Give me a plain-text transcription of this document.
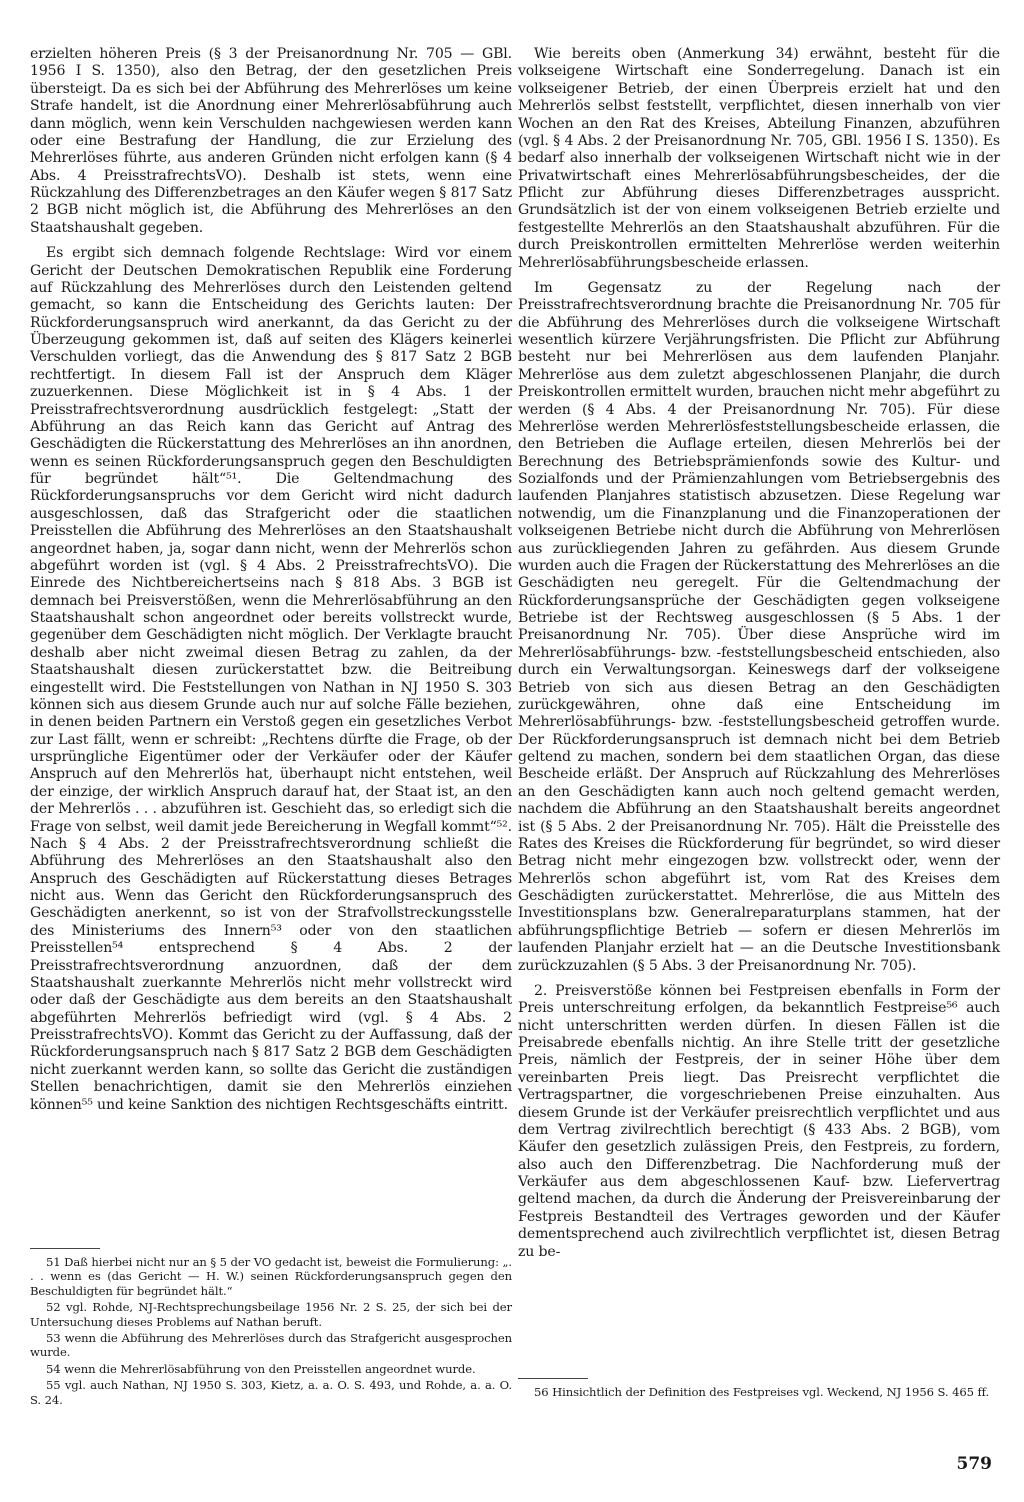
erzielten höheren Preis (§ 3 der Preisanordnung Nr. 705 — GBl. 1956 I S. 1350), also den Betrag, der den gesetzlichen Preis übersteigt. Da es sich bei der Abführung des Mehrerlöses um keine Strafe handelt, ist die Anordnung einer Mehrerlösabführung auch dann möglich, wenn kein Verschulden nachgewiesen werden kann oder eine Bestrafung der Handlung, die zur Erzielung des Mehrerlöses führte, aus anderen Gründen nicht erfolgen kann (§ 4 Abs. 4 PreisstrafrechtsVO). Deshalb ist stets, wenn eine Rückzahlung des Differenzbetrages an den Käufer wegen § 817 Satz 2 BGB nicht möglich ist, die Abführung des Mehrerlöses an den Staatshaushalt gegeben.

Es ergibt sich demnach folgende Rechtslage: Wird vor einem Gericht der Deutschen Demokratischen Republik eine Forderung auf Rückzahlung des Mehrerlöses durch den Leistenden geltend gemacht, so kann die Entscheidung des Gerichts lauten: Der Rückforderungsanspruch wird anerkannt, da das Gericht zu der Überzeugung gekommen ist, daß auf seiten des Klägers keinerlei Verschulden vorliegt, das die Anwendung des § 817 Satz 2 BGB rechtfertigt. In diesem Fall ist der Anspruch dem Kläger zuzuerkennen. Diese Möglichkeit ist in § 4 Abs. 1 der Preisstrafrechtsverordnung ausdrücklich festgelegt: „Statt der Abführung an das Reich kann das Gericht auf Antrag des Geschädigten die Rückerstattung des Mehrerlöses an ihn anordnen, wenn es seinen Rückforderungsanspruch gegen den Beschuldigten für begründet hält“⁵¹. Die Geltendmachung des Rückforderungsanspruchs vor dem Gericht wird nicht dadurch ausgeschlossen, daß das Strafgericht oder die staatlichen Preisstellen die Abführung des Mehrerlöses an den Staatshaushalt angeordnet haben, ja, sogar dann nicht, wenn der Mehrerlös schon abgeführt worden ist (vgl. § 4 Abs. 2 PreisstrafrechtsVO). Die Einrede des Nichtbereichertseins nach § 818 Abs. 3 BGB ist demnach bei Preisverstößen, wenn die Mehrerlösabführung an den Staatshaushalt schon angeordnet oder bereits vollstreckt wurde, gegenüber dem Geschädigten nicht möglich. Der Verklagte braucht deshalb aber nicht zweimal diesen Betrag zu zahlen, da der Staatshaushalt diesen zurückerstattet bzw. die Beitreibung eingestellt wird. Die Feststellungen von Nathan in NJ 1950 S. 303 können sich aus diesem Grunde auch nur auf solche Fälle beziehen, in denen beiden Partnern ein Verstoß gegen ein gesetzliches Verbot zur Last fällt, wenn er schreibt: „Rechtens dürfte die Frage, ob der ursprüngliche Eigentümer oder der Verkäufer oder der Käufer Anspruch auf den Mehrerlös hat, überhaupt nicht entstehen, weil der einzige, der wirklich Anspruch darauf hat, der Staat ist, an den der Mehrerlös . . . abzuführen ist. Geschieht das, so erledigt sich die Frage von selbst, weil damit jede Bereicherung in Wegfall kommt“⁵². Nach § 4 Abs. 2 der Preisstrafrechtsverordnung schließt die Abführung des Mehrerlöses an den Staatshaushalt also den Anspruch des Geschädigten auf Rückerstattung dieses Betrages nicht aus. Wenn das Gericht den Rückforderungsanspruch des Geschädigten anerkennt, so ist von der Strafvollstreckungsstelle des Ministeriums des Innern⁵³ oder von den staatlichen Preisstellen⁵⁴ entsprechend § 4 Abs. 2 der Preisstrafrechtsverordnung anzuordnen, daß der dem Staatshaushalt zuerkannte Mehrerlös nicht mehr vollstreckt wird oder daß der Geschädigte aus dem bereits an den Staatshaushalt abgeführten Mehrerlös befriedigt wird (vgl. § 4 Abs. 2 PreisstrafrechtsVO). Kommt das Gericht zu der Auffassung, daß der Rückforderungsanspruch nach § 817 Satz 2 BGB dem Geschädigten nicht zuerkannt werden kann, so sollte das Gericht die zuständigen Stellen benachrichtigen, damit sie den Mehrerlös einziehen können⁵⁵ und keine Sanktion des nichtigen Rechtsgeschäfts eintritt.

51 Daß hierbei nicht nur an § 5 der VO gedacht ist, beweist die Formulierung: „. . . wenn es (das Gericht — H. W.) seinen Rückforderungsanspruch gegen den Beschuldigten für begründet hält.“

52 vgl. Rohde, NJ-Rechtsprechungsbeilage 1956 Nr. 2 S. 25, der sich bei der Untersuchung dieses Problems auf Nathan beruft.

53 wenn die Abführung des Mehrerlöses durch das Strafgericht ausgesprochen wurde.

54 wenn die Mehrerlösabführung von den Preisstellen angeordnet wurde.

55 vgl. auch Nathan, NJ 1950 S. 303, Kietz, a. a. O. S. 493, und Rohde, a. a. O. S. 24.

Wie bereits oben (Anmerkung 34) erwähnt, besteht für die volkseigene Wirtschaft eine Sonderregelung. Danach ist ein volkseigener Betrieb, der einen Überpreis erzielt hat und den Mehrerlös selbst feststellt, verpflichtet, diesen innerhalb von vier Wochen an den Rat des Kreises, Abteilung Finanzen, abzuführen (vgl. § 4 Abs. 2 der Preisanordnung Nr. 705, GBl. 1956 I S. 1350). Es bedarf also innerhalb der volkseigenen Wirtschaft nicht wie in der Privatwirtschaft eines Mehrerlösabführungsbescheides, der die Pflicht zur Abführung dieses Differenzbetrages ausspricht. Grundsätzlich ist der von einem volkseigenen Betrieb erzielte und festgestellte Mehrerlös an den Staatshaushalt abzuführen. Für die durch Preiskontrollen ermittelten Mehrerlöse werden weiterhin Mehrerlösabführungsbescheide erlassen.

Im Gegensatz zu der Regelung nach der Preisstrafrechtsverordnung brachte die Preisanordnung Nr. 705 für die Abführung des Mehrerlöses durch die volkseigene Wirtschaft wesentlich kürzere Verjährungsfristen. Die Pflicht zur Abführung besteht nur bei Mehrerlösen aus dem laufenden Planjahr. Mehrerlöse aus dem zuletzt abgeschlossenen Planjahr, die durch Preiskontrollen ermittelt wurden, brauchen nicht mehr abgeführt zu werden (§ 4 Abs. 4 der Preisanordnung Nr. 705). Für diese Mehrerlöse werden Mehrerlösfeststellungsbescheide erlassen, die den Betrieben die Auflage erteilen, diesen Mehrerlös bei der Berechnung des Betriebsprämienfonds sowie des Kultur- und Sozialfonds und der Prämienzahlungen vom Betriebsergebnis des laufenden Planjahres statistisch abzusetzen. Diese Regelung war notwendig, um die Finanzplanung und die Finanzoperationen der volkseigenen Betriebe nicht durch die Abführung von Mehrerlösen aus zurückliegenden Jahren zu gefährden. Aus diesem Grunde wurden auch die Fragen der Rückerstattung des Mehrerlöses an die Geschädigten neu geregelt. Für die Geltendmachung der Rückforderungsansprüche der Geschädigten gegen volkseigene Betriebe ist der Rechtsweg ausgeschlossen (§ 5 Abs. 1 der Preisanordnung Nr. 705). Über diese Ansprüche wird im Mehrerlösabführungs- bzw. -feststellungsbescheid entschieden, also durch ein Verwaltungsorgan. Keineswegs darf der volkseigene Betrieb von sich aus diesen Betrag an den Geschädigten zurückgewähren, ohne daß eine Entscheidung im Mehrerlösabführungs- bzw. -feststellungsbescheid getroffen wurde. Der Rückforderungsanspruch ist demnach nicht bei dem Betrieb geltend zu machen, sondern bei dem staatlichen Organ, das diese Bescheide erläßt. Der Anspruch auf Rückzahlung des Mehrerlöses an den Geschädigten kann auch noch geltend gemacht werden, nachdem die Abführung an den Staatshaushalt bereits angeordnet ist (§ 5 Abs. 2 der Preisanordnung Nr. 705). Hält die Preisstelle des Rates des Kreises die Rückforderung für begründet, so wird dieser Betrag nicht mehr eingezogen bzw. vollstreckt oder, wenn der Mehrerlös schon abgeführt ist, vom Rat des Kreises dem Geschädigten zurückerstattet. Mehrerlöse, die aus Mitteln des Investitionsplans bzw. Generalreparaturplans stammen, hat der abführungspflichtige Betrieb — sofern er diesen Mehrerlös im laufenden Planjahr erzielt hat — an die Deutsche Investitionsbank zurückzuzahlen (§ 5 Abs. 3 der Preisanordnung Nr. 705).

2. Preisverstöße können bei Festpreisen ebenfalls in Form der Preis unterschreitung erfolgen, da bekanntlich Festpreise⁵⁶ auch nicht unterschritten werden dürfen. In diesen Fällen ist die Preisabrede ebenfalls nichtig. An ihre Stelle tritt der gesetzliche Preis, nämlich der Festpreis, der in seiner Höhe über dem vereinbarten Preis liegt. Das Preisrecht verpflichtet die Vertragspartner, die vorgeschriebenen Preise einzuhalten. Aus diesem Grunde ist der Verkäufer preisrechtlich verpflichtet und aus dem Vertrag zivilrechtlich berechtigt (§ 433 Abs. 2 BGB), vom Käufer den gesetzlich zulässigen Preis, den Festpreis, zu fordern, also auch den Differenzbetrag. Die Nachforderung muß der Verkäufer aus dem abgeschlossenen Kauf- bzw. Liefervertrag geltend machen, da durch die Änderung der Preisvereinbarung der Festpreis Bestandteil des Vertrages geworden und der Käufer dementsprechend auch zivilrechtlich verpflichtet ist, diesen Betrag zu be-

56 Hinsichtlich der Definition des Festpreises vgl. Weckend, NJ 1956 S. 465 ff.

579
